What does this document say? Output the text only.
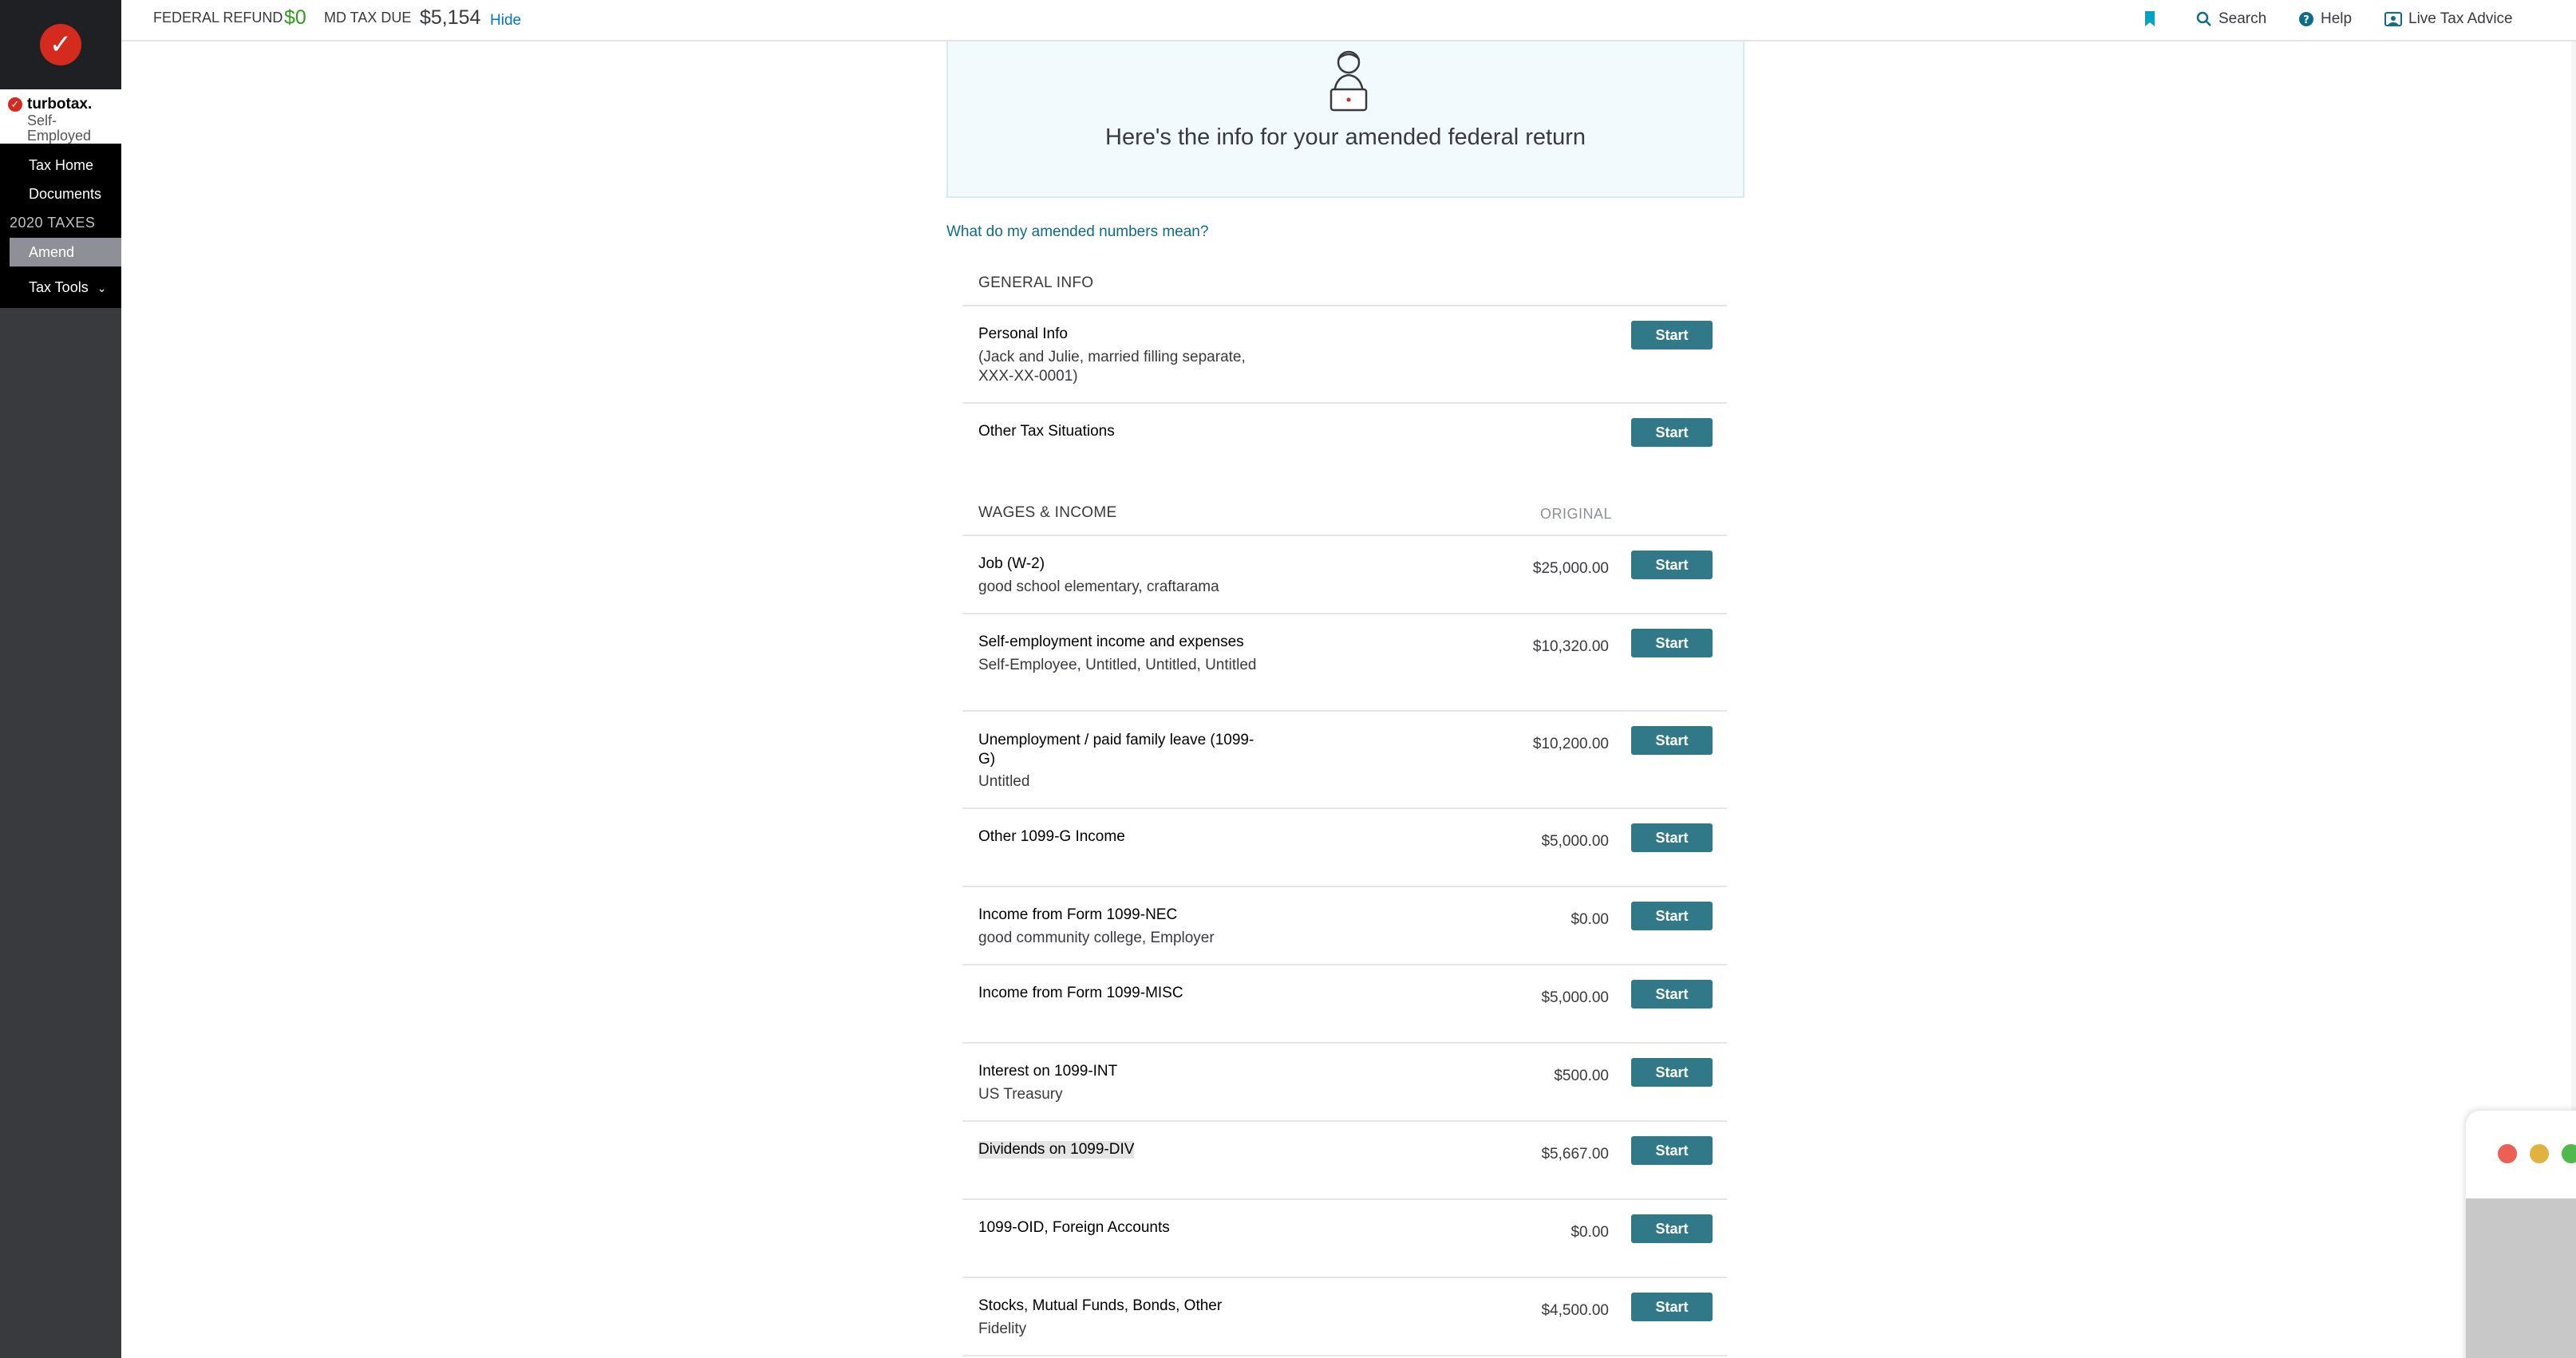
✓
✓ turbotax.
Self-Employed
Tax Home
Documents
2020 TAXES
Amend
Tax Tools ⌄
FEDERAL REFUND $0 MD TAX DUE $5,154 Hide	Search	? Help	Live Tax Advice
Here's the info for your amended federal return
What do my amended numbers mean?
GENERAL INFO
Personal Info
(Jack and Julie, married filling separate, XXX-XX-0001)
Start
Other Tax Situations	Start
WAGES & INCOME	ORIGINAL
Job (W-2)
good school elementary, craftarama
$25,000.00	Start
Self-employment income and expenses
Self-Employee, Untitled, Untitled, Untitled
$10,320.00	Start
Unemployment / paid family leave (1099-G)
Untitled
$10,200.00	Start
Other 1099-G Income	$5,000.00	Start
Income from Form 1099-NEC
good community college, Employer
$0.00	Start
Income from Form 1099-MISC	$5,000.00	Start
Interest on 1099-INT
US Treasury
$500.00	Start
Dividends on 1099-DIV	$5,667.00	Start
1099-OID, Foreign Accounts	$0.00	Start
Stocks, Mutual Funds, Bonds, Other
Fidelity
$4,500.00	Start
